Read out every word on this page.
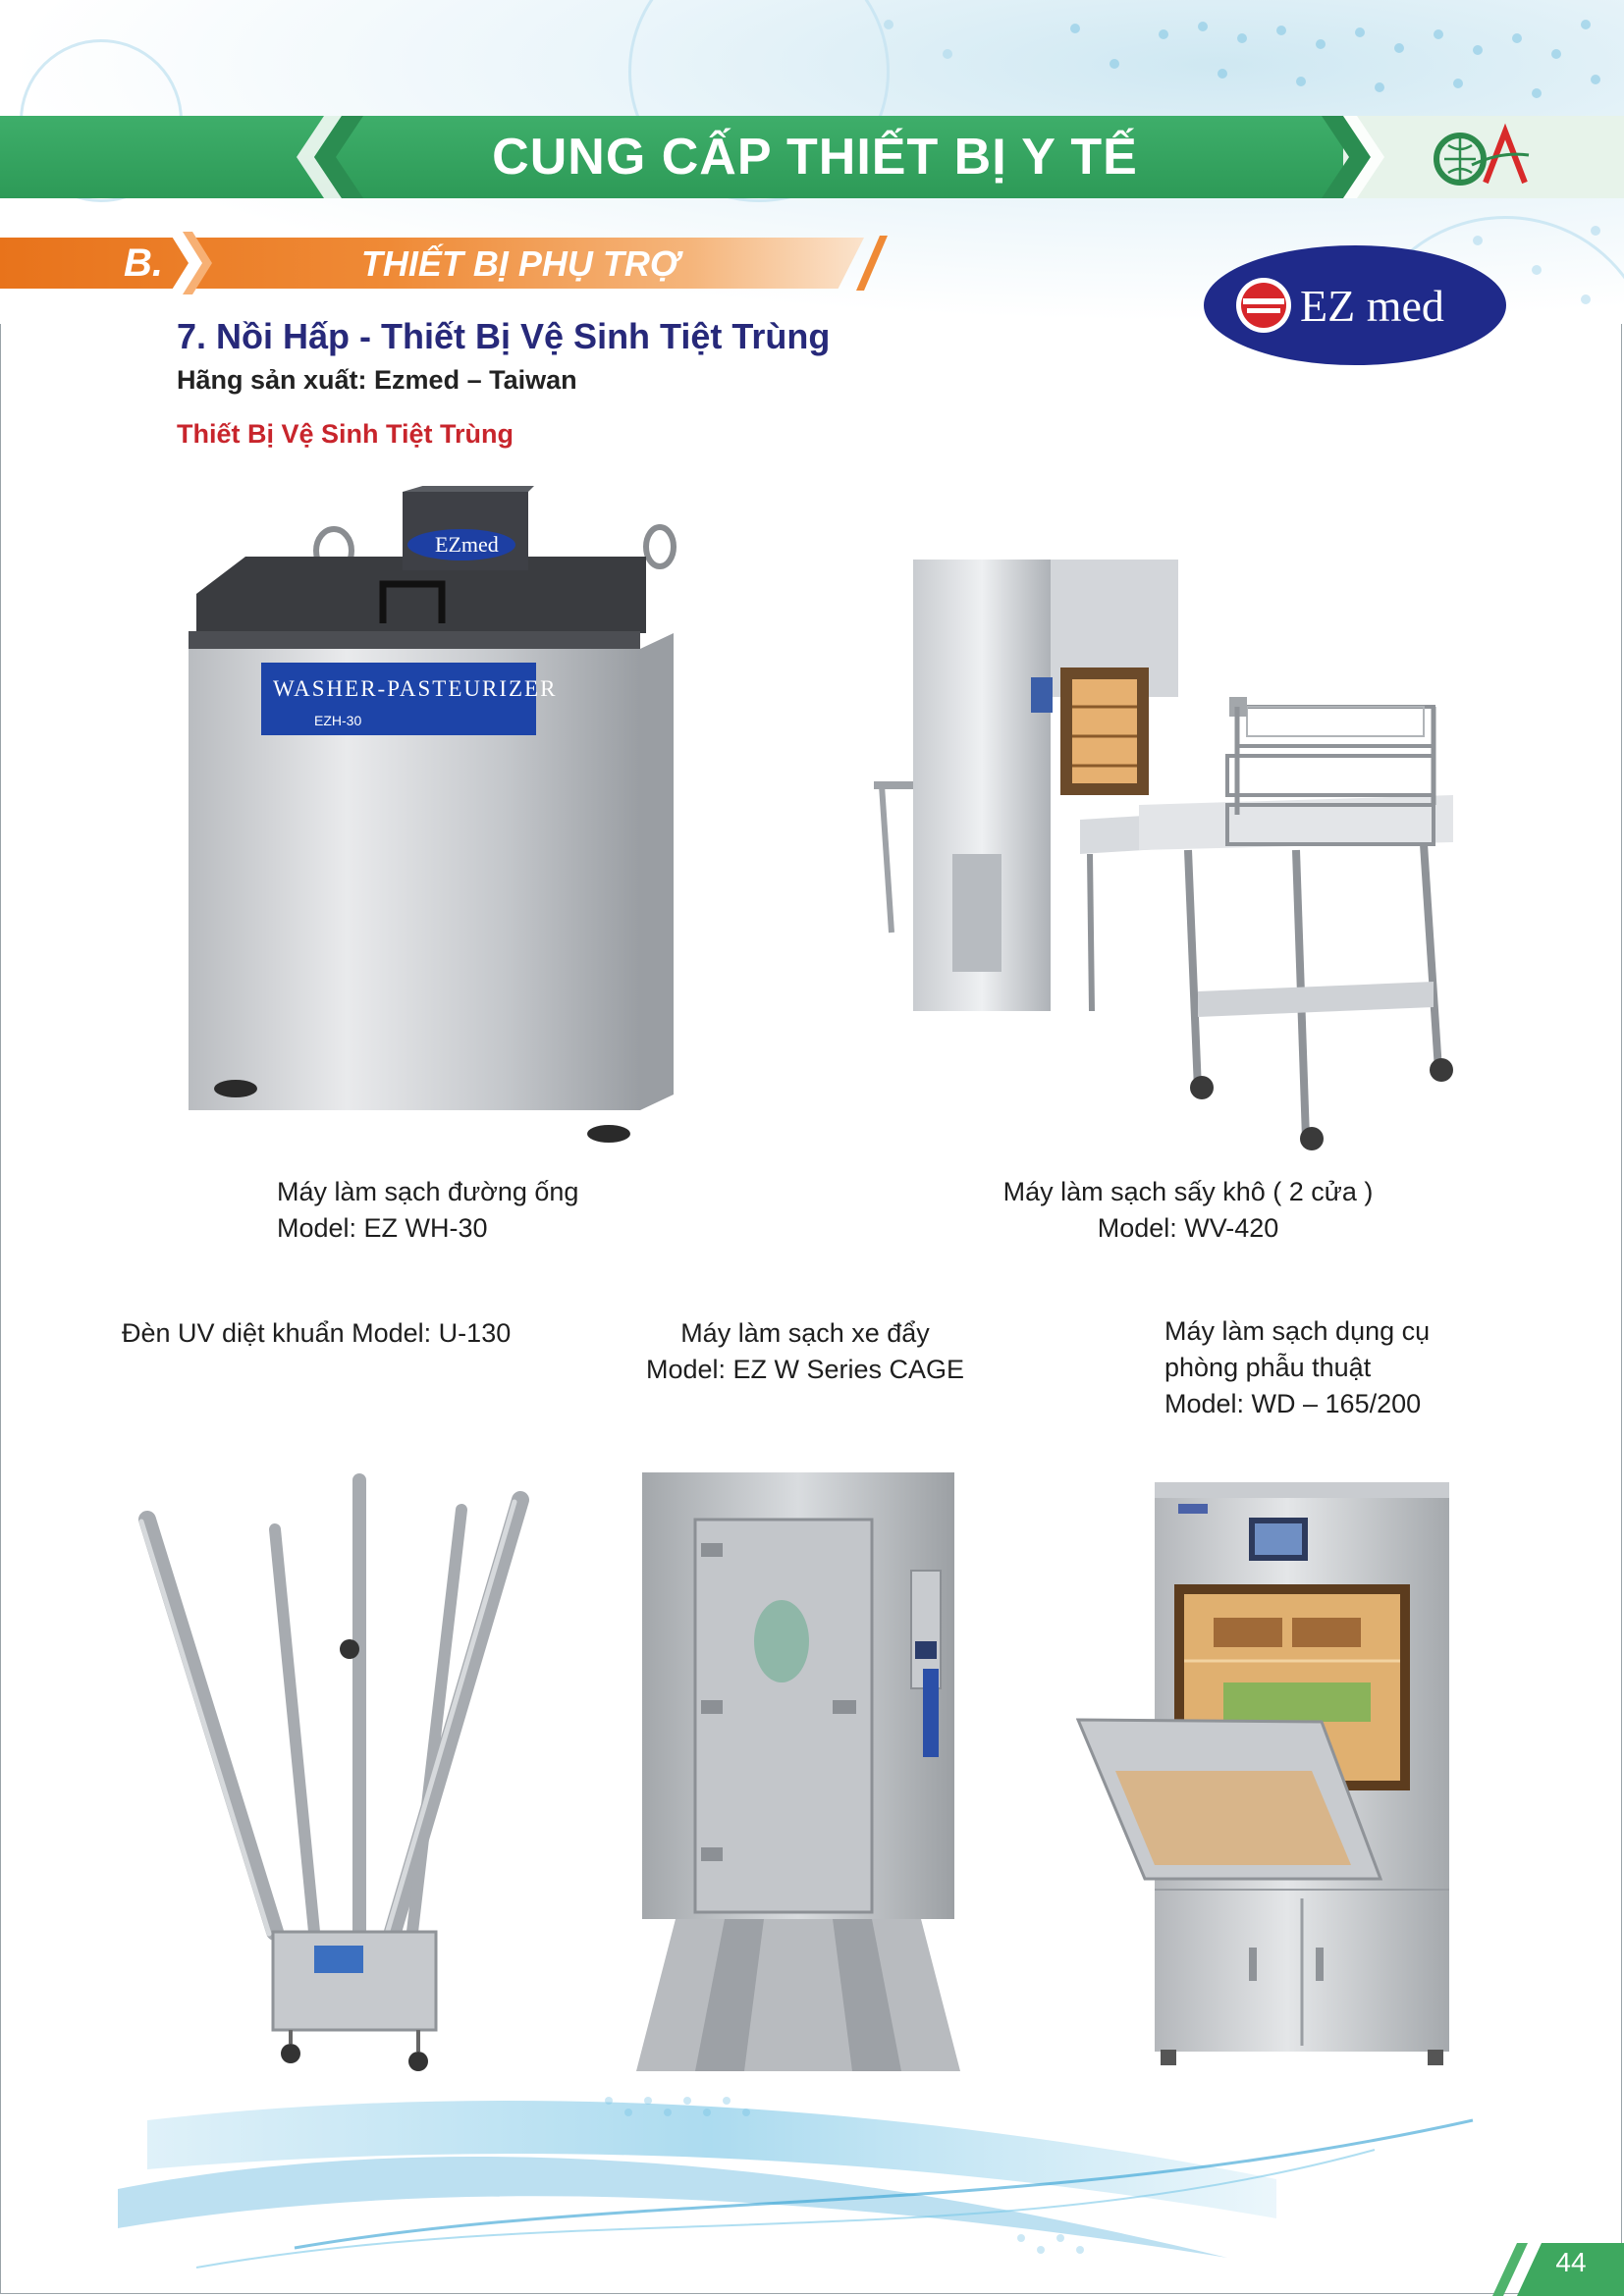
CUNG CẤP THIẾT BỊ Y TẾ
B.	THIẾT BỊ PHỤ TRỢ
EZ med
7. Nồi Hấp - Thiết Bị Vệ Sinh Tiệt Trùng
Hãng sản xuất: Ezmed – Taiwan
Thiết Bị Vệ Sinh Tiệt Trùng
EZmed
WASHER-PASTEURIZER
EZH-30
Máy làm sạch đường ống
Model: EZ WH-30
Máy làm sạch sấy khô ( 2 cửa )
Model: WV-420
Đèn UV diệt khuẩn Model: U-130	Máy làm sạch xe đẩy
Model: EZ W Series CAGE
Máy làm sạch dụng cụ
phòng phẫu thuật
Model: WD – 165/200
44
